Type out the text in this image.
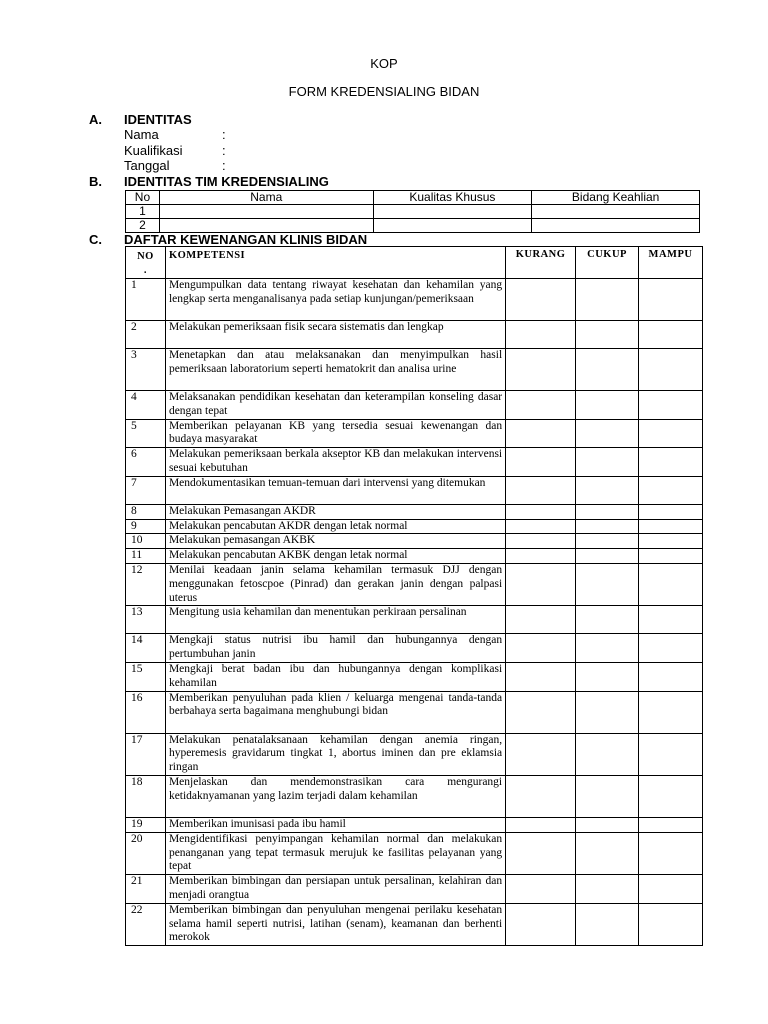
KOP
FORM KREDENSIALING BIDAN
A. IDENTITAS
Nama	:
Kualifikasi	:
Tanggal	:
B. IDENTITAS TIM KREDENSIALING
No	Nama	Kualitas Khusus	Bidang Keahlian
1			
2			
C. DAFTAR KEWENANGAN KLINIS BIDAN
NO
.	KOMPETENSI	KURANG	CUKUP	MAMPU
1	Mengumpulkan data tentang riwayat kesehatan dan kehamilan yang lengkap serta menganalisanya pada setiap kunjungan/pemeriksaan			
2	Melakukan pemeriksaan fisik secara sistematis dan lengkap			
3	Menetapkan dan atau melaksanakan dan menyimpulkan hasil pemeriksaan laboratorium seperti hematokrit dan analisa urine			
4	Melaksanakan pendidikan kesehatan dan keterampilan konseling dasar dengan tepat			
5	Memberikan pelayanan KB yang tersedia sesuai kewenangan dan budaya masyarakat			
6	Melakukan pemeriksaan berkala akseptor KB dan melakukan intervensi sesuai kebutuhan			
7	Mendokumentasikan temuan-temuan dari intervensi yang ditemukan			
8	Melakukan Pemasangan AKDR			
9	Melakukan pencabutan AKDR dengan letak normal			
10	Melakukan pemasangan AKBK			
11	Melakukan pencabutan AKBK dengan letak normal			
12	Menilai keadaan janin selama kehamilan termasuk DJJ dengan menggunakan fetoscpoe (Pinrad) dan gerakan janin dengan palpasi uterus			
13	Mengitung usia kehamilan dan menentukan perkiraan persalinan			
14	Mengkaji status nutrisi ibu hamil dan hubungannya dengan pertumbuhan janin			
15	Mengkaji berat badan ibu dan hubungannya dengan komplikasi kehamilan			
16	Memberikan penyuluhan pada klien / keluarga mengenai tanda-tanda berbahaya serta bagaimana menghubungi bidan			
17	Melakukan penatalaksanaan kehamilan dengan anemia ringan, hyperemesis gravidarum tingkat 1, abortus iminen dan pre eklamsia ringan			
18	Menjelaskan dan mendemonstrasikan cara mengurangi ketidaknyamanan yang lazim terjadi dalam kehamilan			
19	Memberikan imunisasi pada ibu hamil			
20	Mengidentifikasi penyimpangan kehamilan normal dan melakukan penanganan yang tepat termasuk merujuk ke fasilitas pelayanan yang tepat			
21	Memberikan bimbingan dan persiapan untuk persalinan, kelahiran dan menjadi orangtua			
22	Memberikan bimbingan dan penyuluhan mengenai perilaku kesehatan selama hamil seperti nutrisi, latihan (senam), keamanan dan berhenti merokok			
